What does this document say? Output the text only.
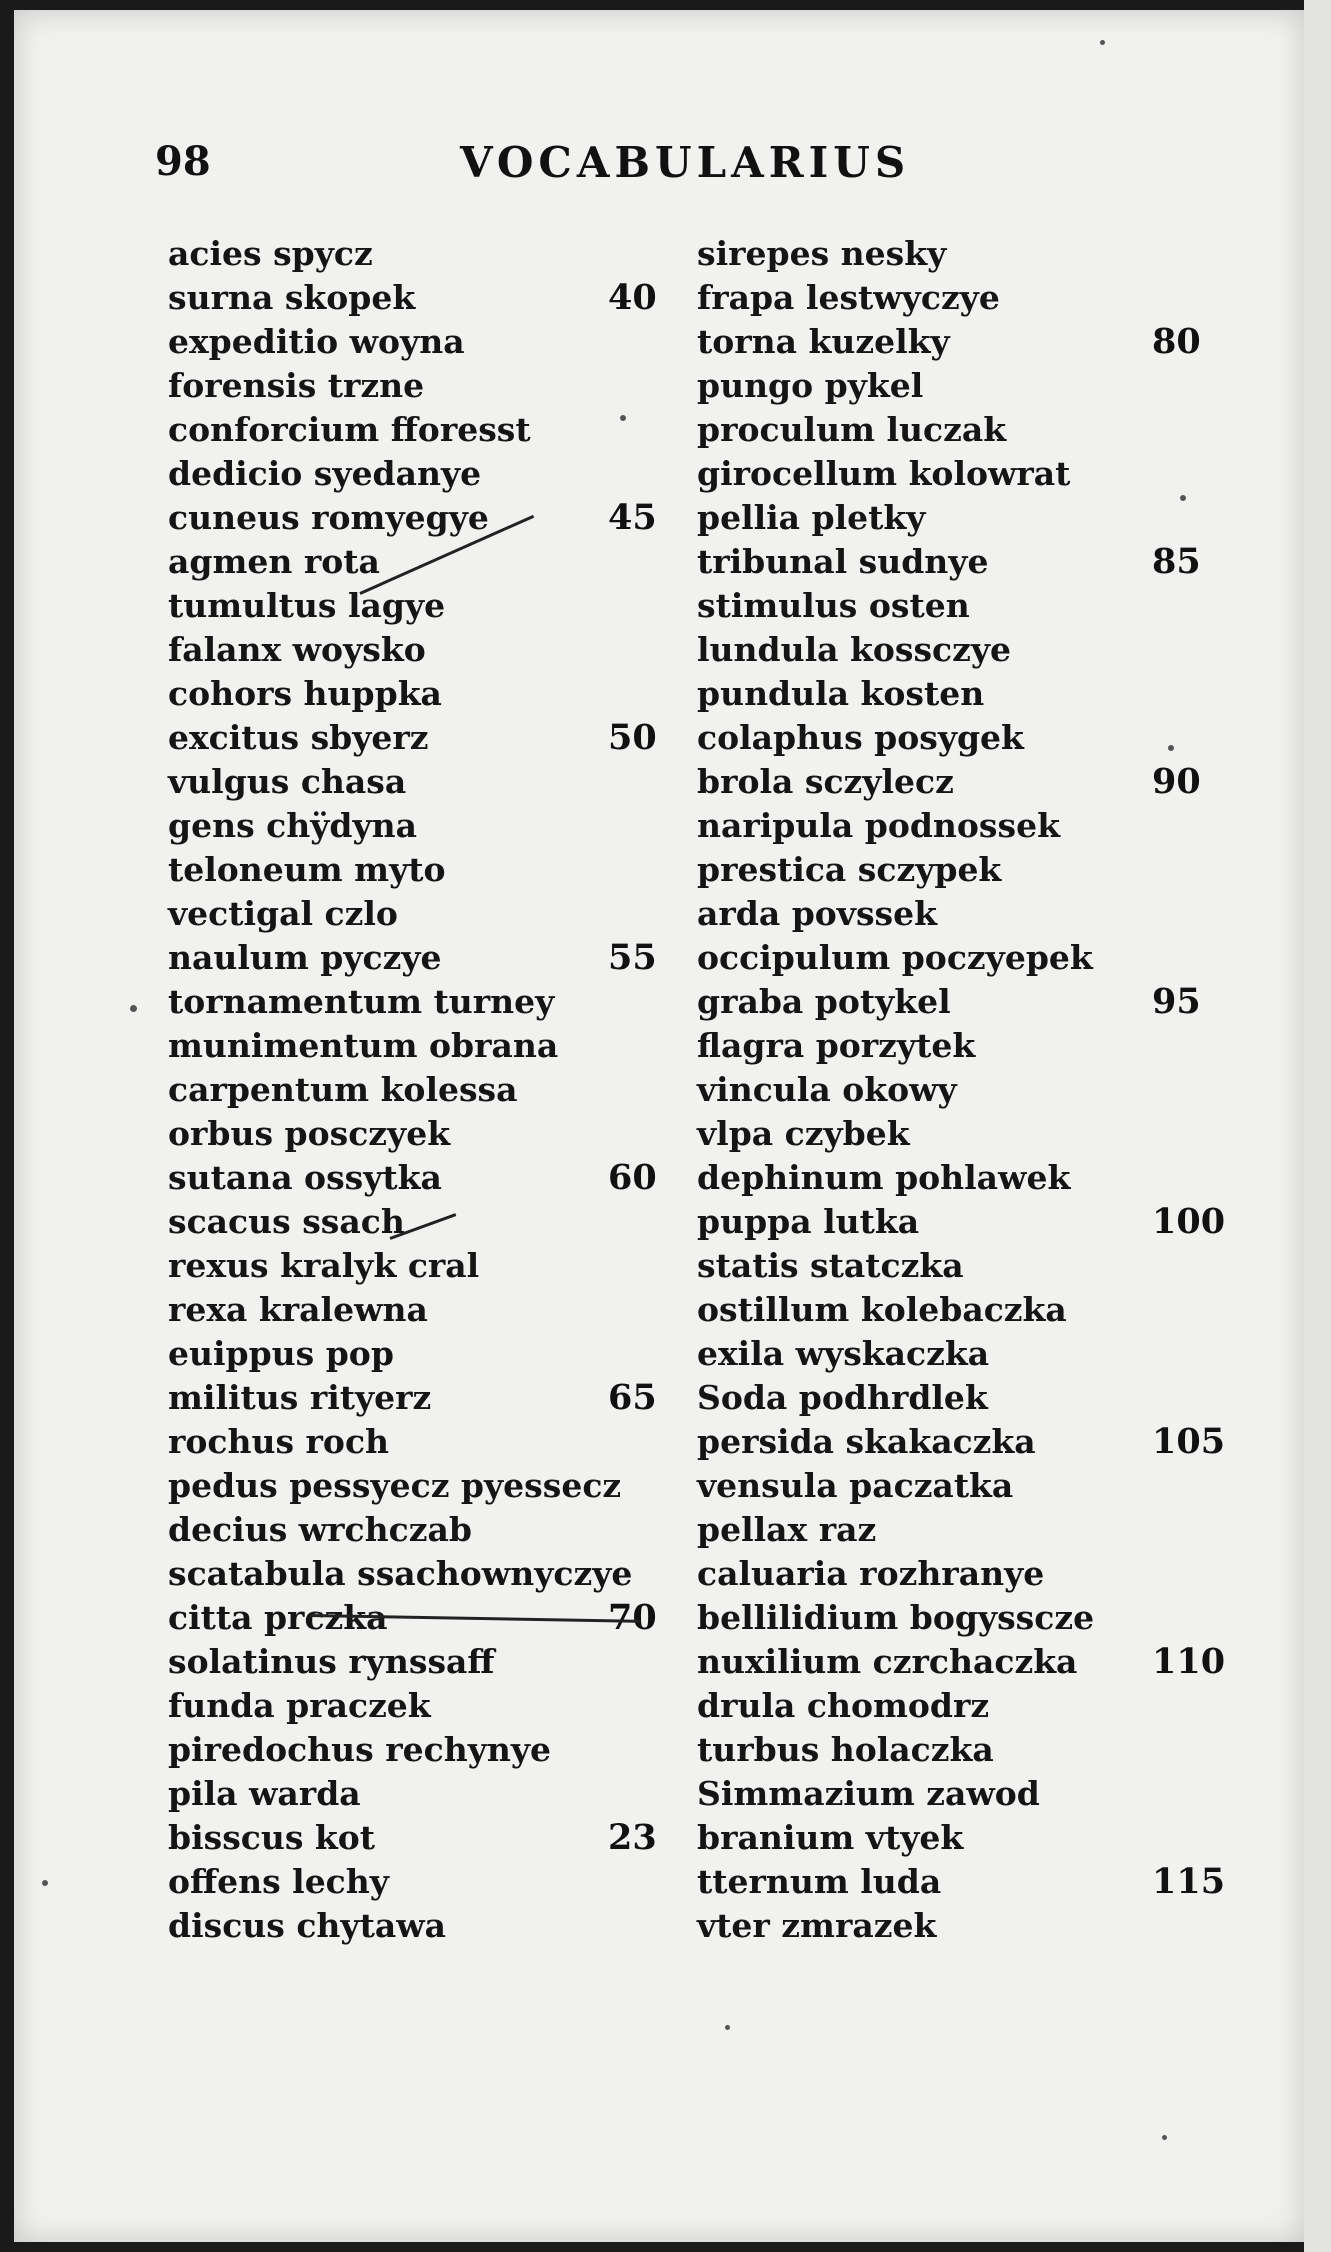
98	VOCABULARIUS
acies spycz
surna skopek	40
expeditio woyna
forensis trzne
conforcium fforesst
dedicio syedanye
cuneus romyegye	45
agmen rota
tumultus lagye
falanx woysko
cohors huppka
excitus sbyerz	50
vulgus chasa
gens chÿdyna
teloneum myto
vectigal czlo
naulum pyczye	55
tornamentum turney
munimentum obrana
carpentum kolessa
orbus posczyek
sutana ossytka	60
scacus ssach
rexus kralyk cral
rexa kralewna
euippus pop
militus rityerz	65
rochus roch
pedus pessyecz pyessecz
decius wrchczab
scatabula ssachownyczye
citta prczka	70
solatinus rynssaff
funda praczek
piredochus rechynye
pila warda
bisscus kot	23
offens lechy
discus chytawa
sirepes nesky
frapa lestwyczye
torna kuzelky	80
pungo pykel
proculum luczak
girocellum kolowrat
pellia pletky
tribunal sudnye	85
stimulus osten
lundula kossczye
pundula kosten
colaphus posygek
brola sczylecz	90
naripula podnossek
prestica sczypek
arda povssek
occipulum poczyepek
graba potykel	95
flagra porzytek
vincula okowy
vlpa czybek
dephinum pohlawek
puppa lutka	100
statis statczka
ostillum kolebaczka
exila wyskaczka
Soda podhrdlek
persida skakaczka	105
vensula paczatka
pellax raz
caluaria rozhranye
bellilidium bogyssсze
nuxilium czrchaczka 110
drula chomodrz
turbus holaczka
Simmazium zawod
branium vtyek
tternum luda	115
vter zmrazek
